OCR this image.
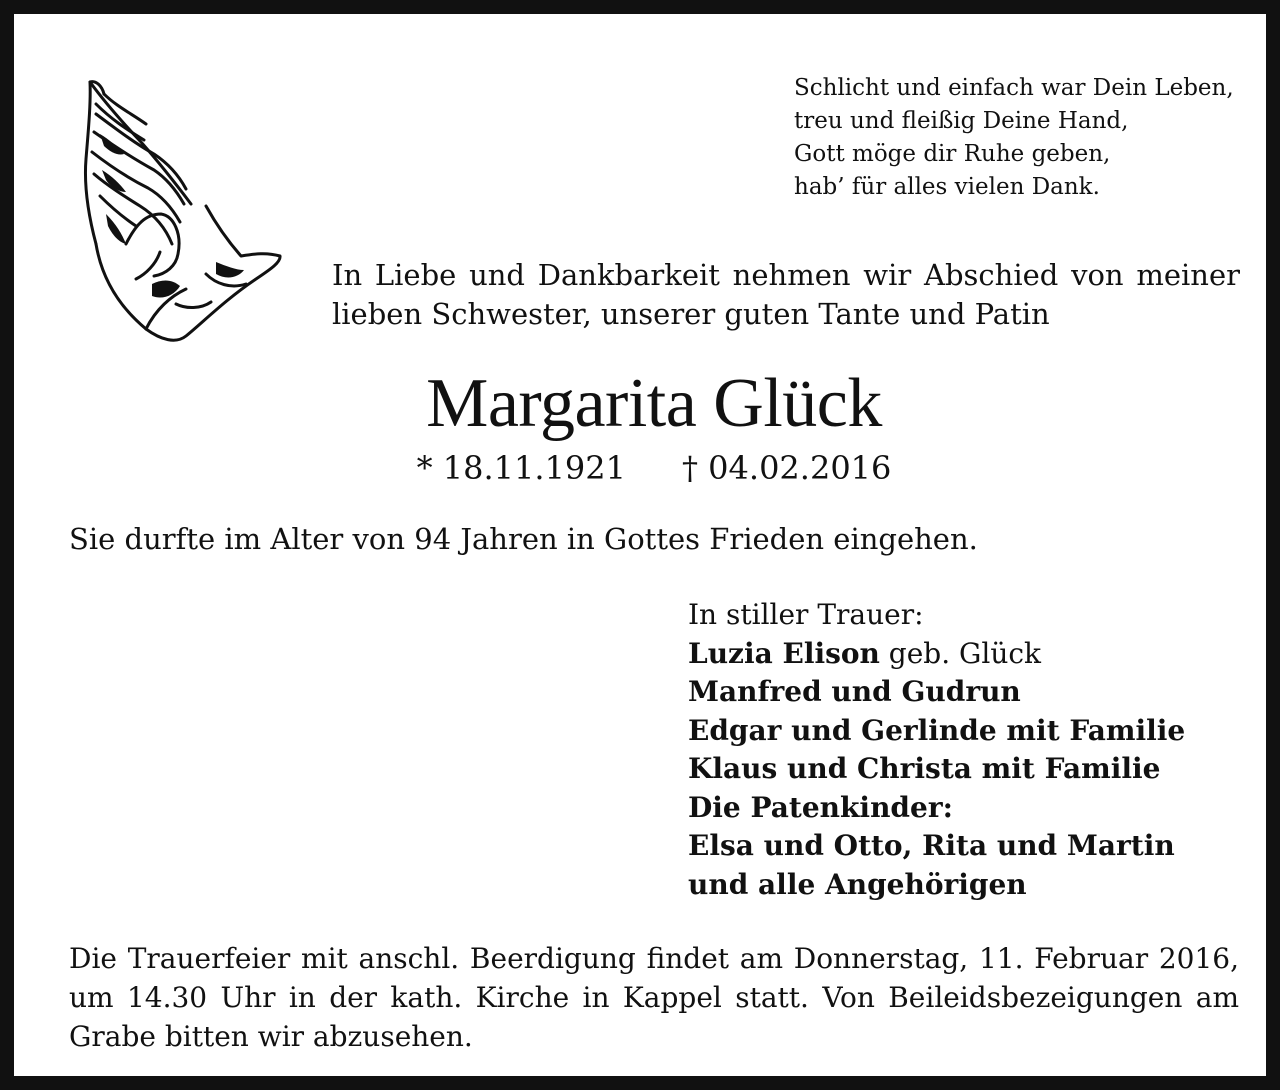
Schlicht und einfach war Dein Leben,
treu und fleißig Deine Hand,
Gott möge dir Ruhe geben,
hab’ für alles vielen Dank.
In Liebe und Dankbarkeit nehmen wir Abschied von meiner
lieben Schwester, unserer guten Tante und Patin
Margarita Glück
* 18.11.1921 † 04.02.2016
Sie durfte im Alter von 94 Jahren in Gottes Frieden eingehen.
In stiller Trauer:
Luzia Elison geb. Glück
Manfred und Gudrun
Edgar und Gerlinde mit Familie
Klaus und Christa mit Familie
Die Patenkinder:
Elsa und Otto, Rita und Martin
und alle Angehörigen
Die Trauerfeier mit anschl. Beerdigung findet am Donnerstag, 11. Februar 2016,
um 14.30 Uhr in der kath. Kirche in Kappel statt. Von Beileidsbezeigungen am
Grabe bitten wir abzusehen.
